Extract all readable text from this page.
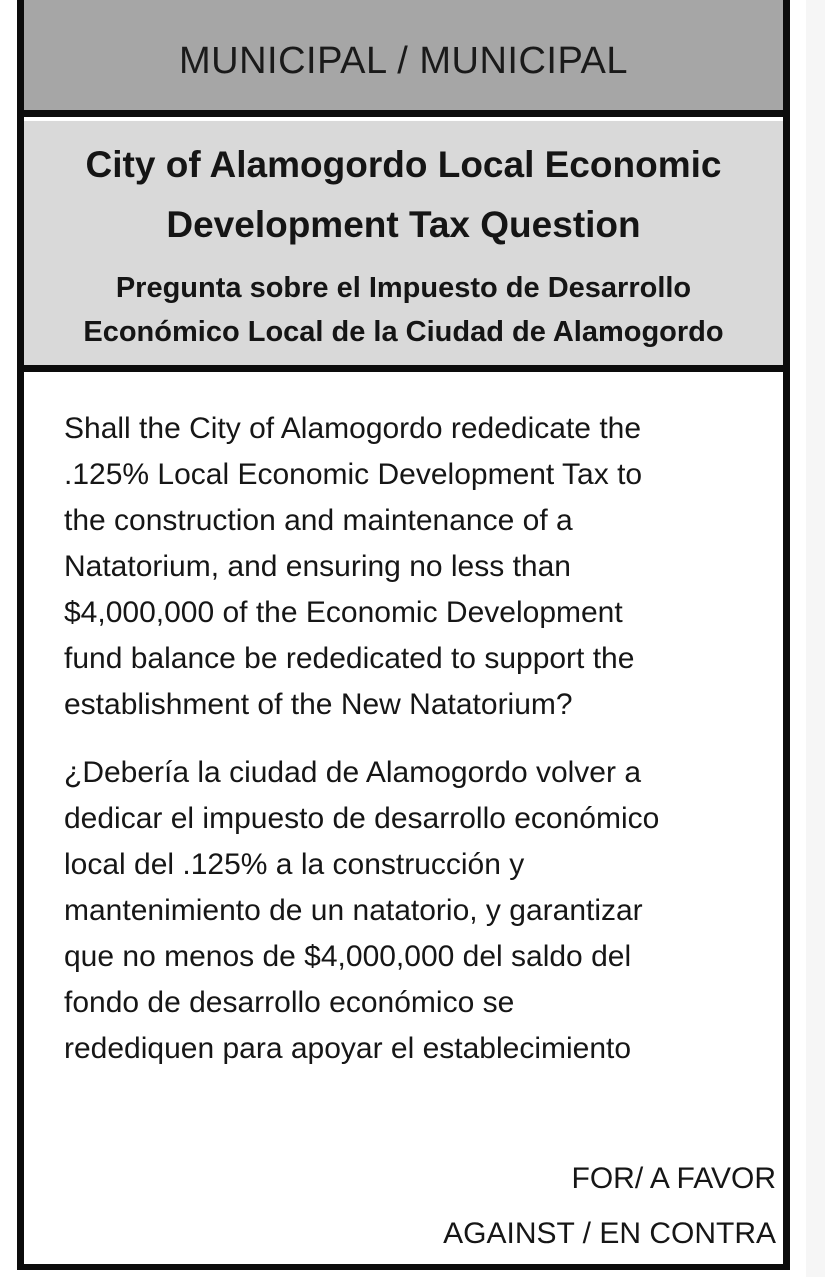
MUNICIPAL / MUNICIPAL
City of Alamogordo Local Economic
Development Tax Question
Pregunta sobre el Impuesto de Desarrollo
Económico Local de la Ciudad de Alamogordo
Shall the City of Alamogordo rededicate the
.125% Local Economic Development Tax to
the construction and maintenance of a
Natatorium, and ensuring no less than
$4,000,000 of the Economic Development
fund balance be rededicated to support the
establishment of the New Natatorium?
¿Debería la ciudad de Alamogordo volver a
dedicar el impuesto de desarrollo económico
local del .125% a la construcción y
mantenimiento de un natatorio, y garantizar
que no menos de $4,000,000 del saldo del
fondo de desarrollo económico se
redediquen para apoyar el establecimiento
FOR/ A FAVOR
AGAINST / EN CONTRA
